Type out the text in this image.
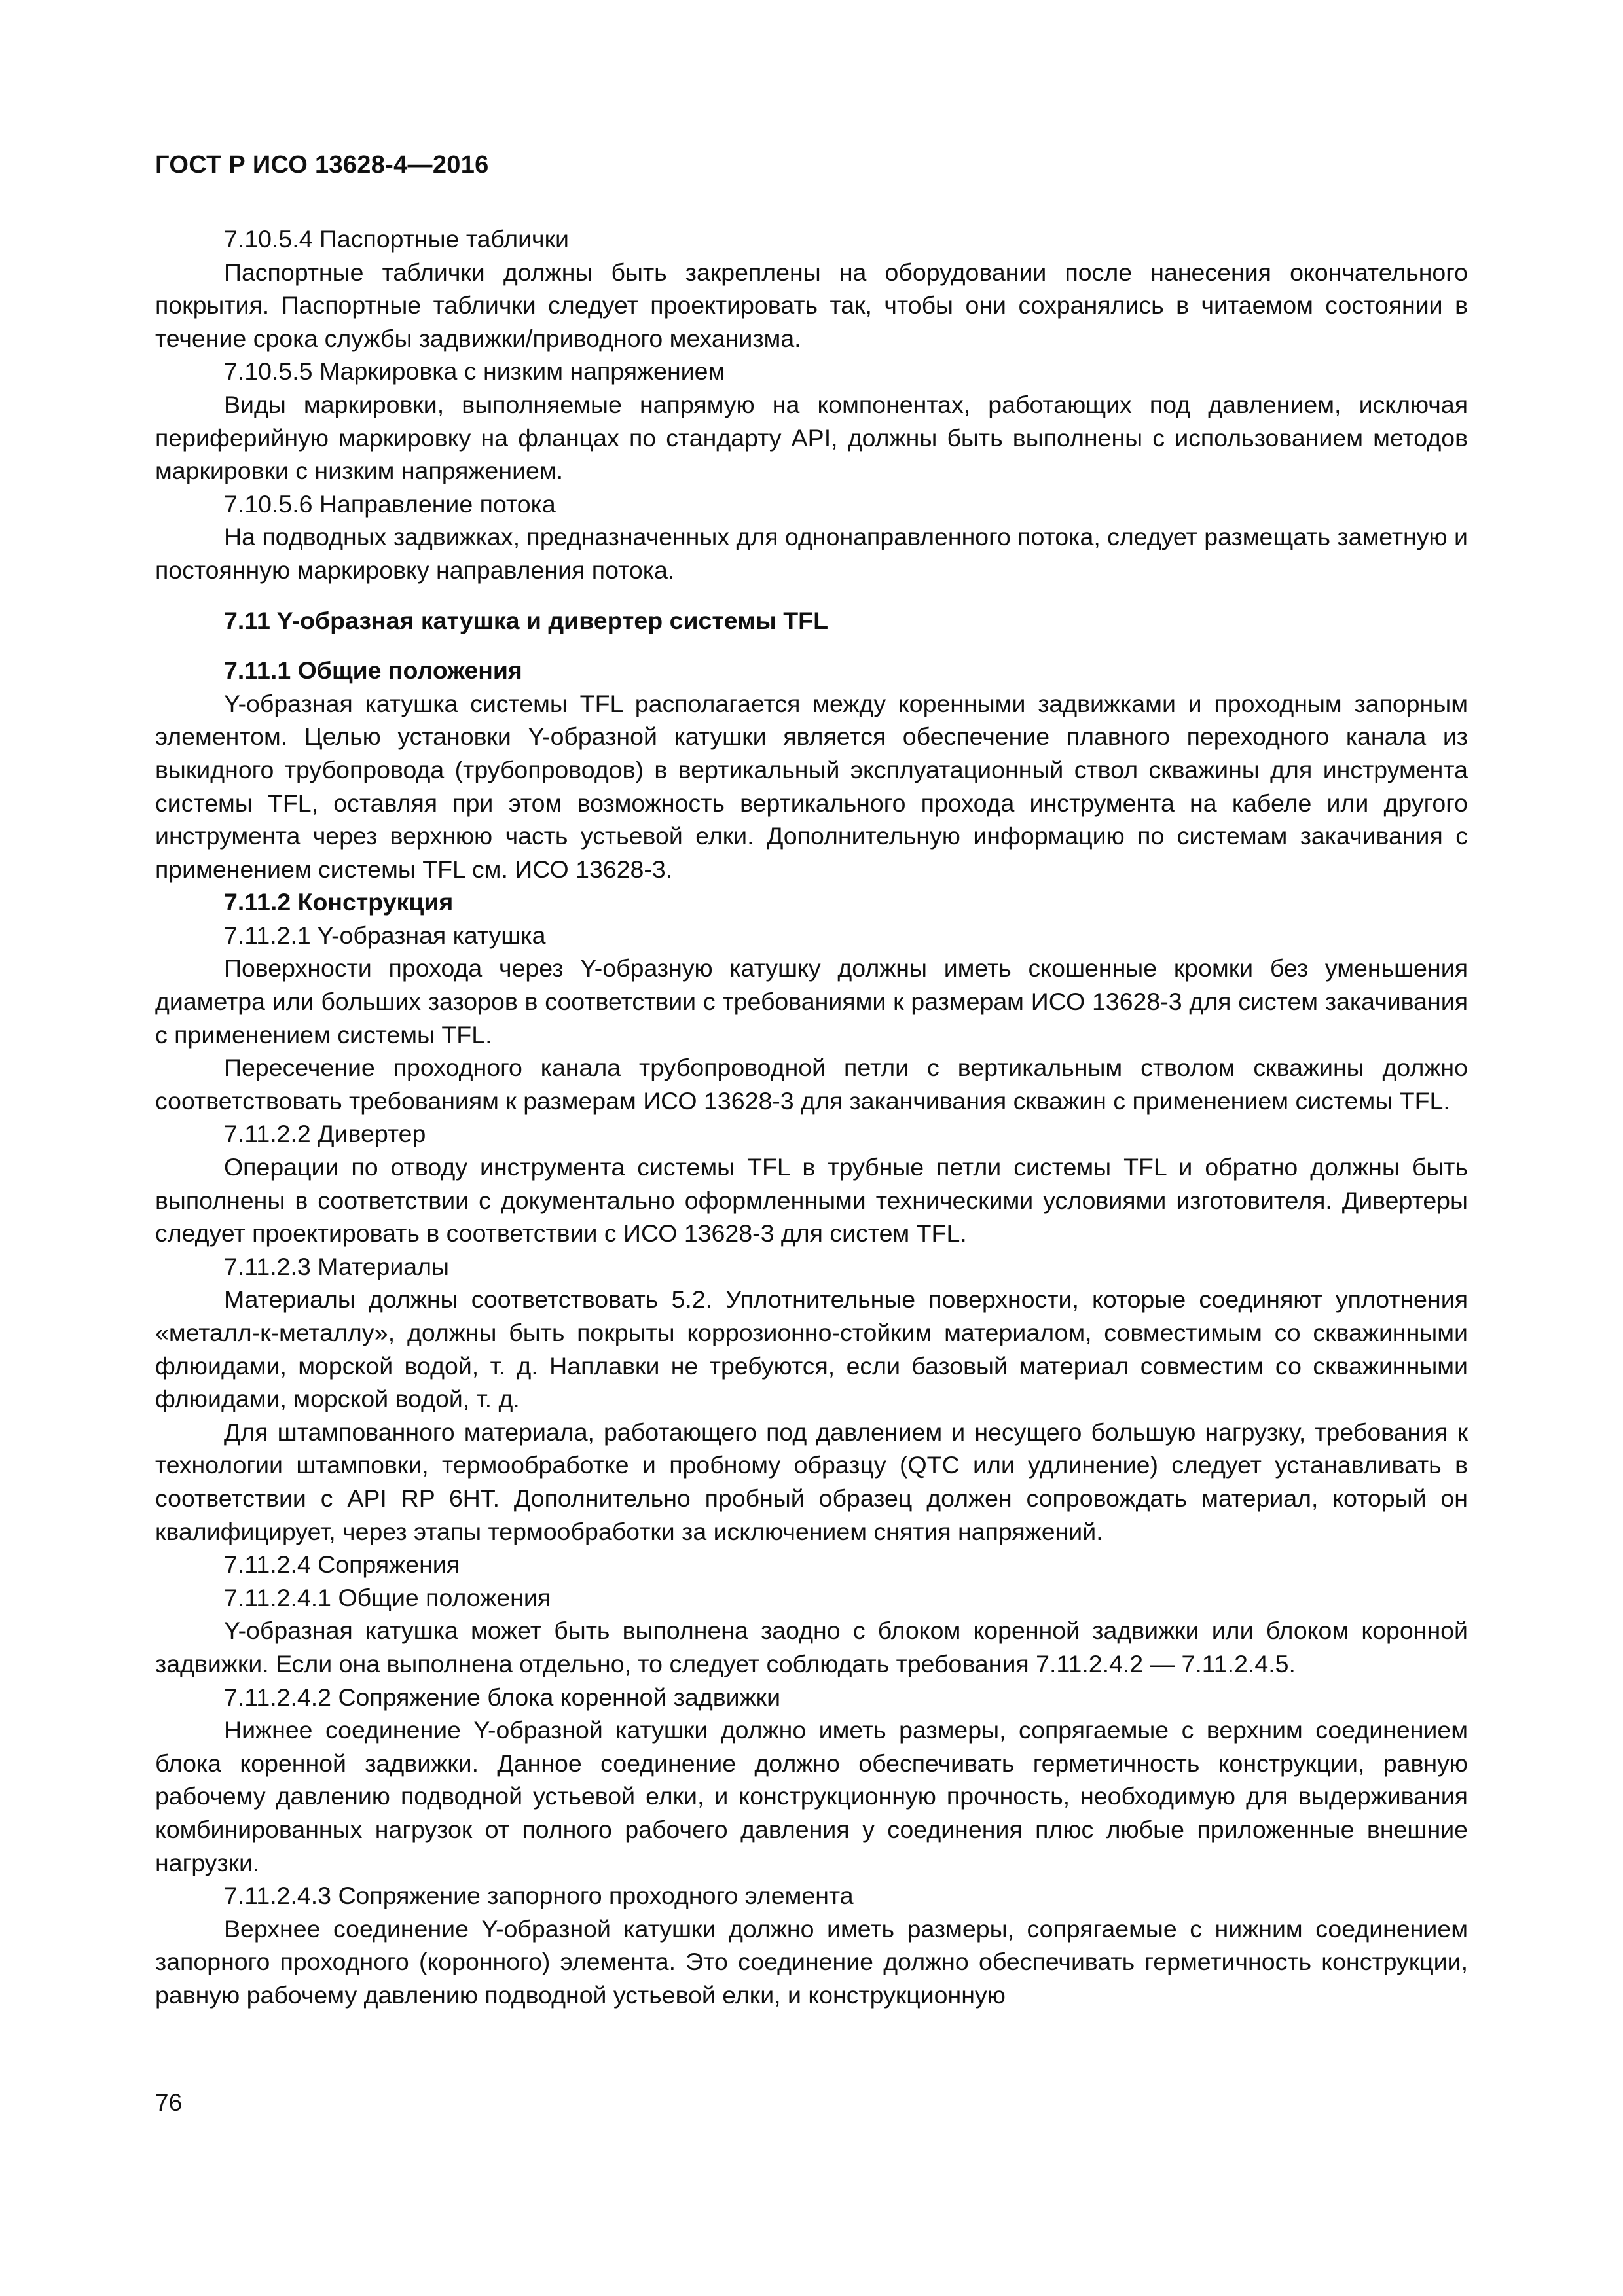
ГОСТ Р ИСО 13628-4—2016

7.10.5.4 Паспортные таблички

Паспортные таблички должны быть закреплены на оборудовании после нанесения окончательного покрытия. Паспортные таблички следует проектировать так, чтобы они сохранялись в читаемом состоянии в течение срока службы задвижки/приводного механизма.

7.10.5.5 Маркировка с низким напряжением

Виды маркировки, выполняемые напрямую на компонентах, работающих под давлением, исключая периферийную маркировку на фланцах по стандарту API, должны быть выполнены с использованием методов маркировки с низким напряжением.

7.10.5.6 Направление потока

На подводных задвижках, предназначенных для однонаправленного потока, следует размещать заметную и постоянную маркировку направления потока.

7.11 Y-образная катушка и дивертер системы TFL

7.11.1 Общие положения

Y-образная катушка системы TFL располагается между коренными задвижками и проходным запорным элементом. Целью установки Y-образной катушки является обеспечение плавного переходного канала из выкидного трубопровода (трубопроводов) в вертикальный эксплуатационный ствол скважины для инструмента системы TFL, оставляя при этом возможность вертикального прохода инструмента на кабеле или другого инструмента через верхнюю часть устьевой елки. Дополнительную информацию по системам закачивания с применением системы TFL см. ИСО 13628-3.

7.11.2 Конструкция

7.11.2.1 Y-образная катушка

Поверхности прохода через Y-образную катушку должны иметь скошенные кромки без уменьшения диаметра или больших зазоров в соответствии с требованиями к размерам ИСО 13628-3 для систем закачивания с применением системы TFL.

Пересечение проходного канала трубопроводной петли с вертикальным стволом скважины должно соответствовать требованиям к размерам ИСО 13628-3 для заканчивания скважин с применением системы TFL.

7.11.2.2 Дивертер

Операции по отводу инструмента системы TFL в трубные петли системы TFL и обратно должны быть выполнены в соответствии с документально оформленными техническими условиями изготовителя. Дивертеры следует проектировать в соответствии с ИСО 13628-3 для систем TFL.

7.11.2.3 Материалы

Материалы должны соответствовать 5.2. Уплотнительные поверхности, которые соединяют уплотнения «металл-к-металлу», должны быть покрыты коррозионно-стойким материалом, совместимым со скважинными флюидами, морской водой, т. д. Наплавки не требуются, если базовый материал совместим со скважинными флюидами, морской водой, т. д.

Для штампованного материала, работающего под давлением и несущего большую нагрузку, требования к технологии штамповки, термообработке и пробному образцу (QTC или удлинение) следует устанавливать в соответствии с API RP 6HT. Дополнительно пробный образец должен сопровождать материал, который он квалифицирует, через этапы термообработки за исключением снятия напряжений.

7.11.2.4 Сопряжения

7.11.2.4.1 Общие положения

Y-образная катушка может быть выполнена заодно с блоком коренной задвижки или блоком коронной задвижки. Если она выполнена отдельно, то следует соблюдать требования 7.11.2.4.2 — 7.11.2.4.5.

7.11.2.4.2 Сопряжение блока коренной задвижки

Нижнее соединение Y-образной катушки должно иметь размеры, сопрягаемые с верхним соединением блока коренной задвижки. Данное соединение должно обеспечивать герметичность конструкции, равную рабочему давлению подводной устьевой елки, и конструкционную прочность, необходимую для выдерживания комбинированных нагрузок от полного рабочего давления у соединения плюс любые приложенные внешние нагрузки.

7.11.2.4.3 Сопряжение запорного проходного элемента

Верхнее соединение Y-образной катушки должно иметь размеры, сопрягаемые с нижним соединением запорного проходного (коронного) элемента. Это соединение должно обеспечивать герметичность конструкции, равную рабочему давлению подводной устьевой елки, и конструкционную

76
